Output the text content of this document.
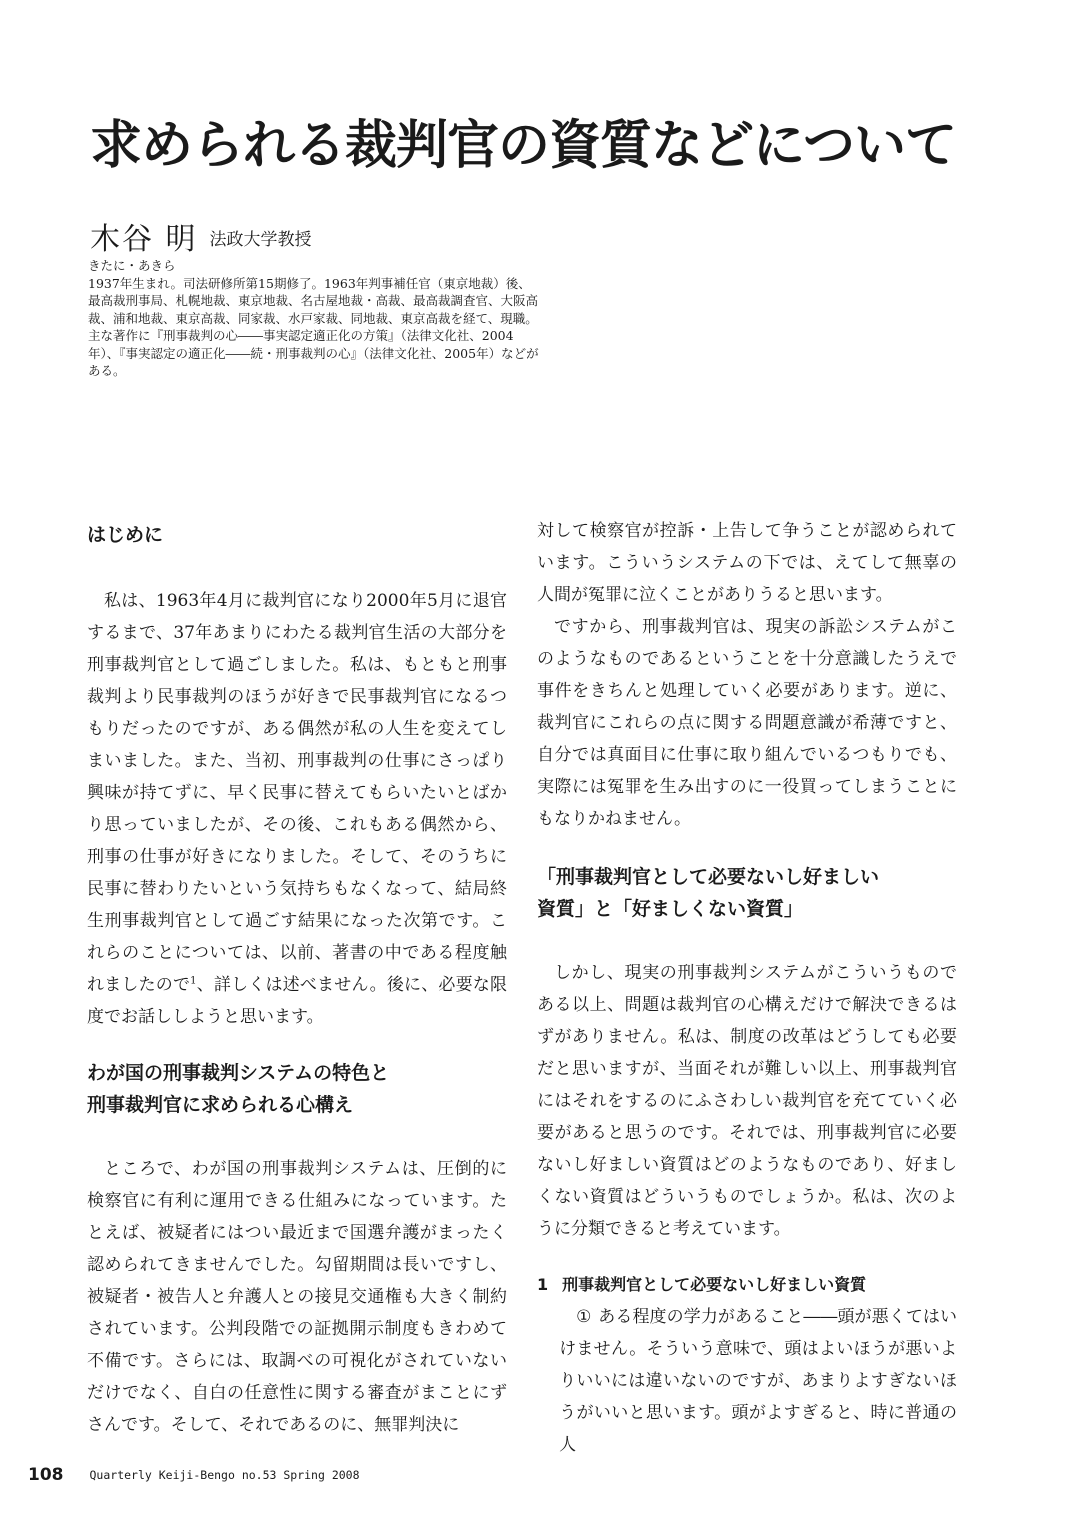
求められる裁判官の資質などについて
木谷 明 法政大学教授

きたに・あきら

1937年生まれ。司法研修所第15期修了。1963年判事補任官（東京地裁）後、最高裁刑事局、札幌地裁、東京地裁、名古屋地裁・高裁、最高裁調査官、大阪高裁、浦和地裁、東京高裁、同家裁、水戸家裁、同地裁、東京高裁を経て、現職。主な著作に『刑事裁判の心――事実認定適正化の方策』（法律文化社、2004年）、『事実認定の適正化――続・刑事裁判の心』（法律文化社、2005年）などがある。

はじめに

私は、1963年4月に裁判官になり2000年5月に退官するまで、37年あまりにわたる裁判官生活の大部分を刑事裁判官として過ごしました。私は、もともと刑事裁判より民事裁判のほうが好きで民事裁判官になるつもりだったのですが、ある偶然が私の人生を変えてしまいました。また、当初、刑事裁判の仕事にさっぱり興味が持てずに、早く民事に替えてもらいたいとばかり思っていましたが、その後、これもある偶然から、刑事の仕事が好きになりました。そして、そのうちに民事に替わりたいという気持ちもなくなって、結局終生刑事裁判官として過ごす結果になった次第です。これらのことについては、以前、著書の中である程度触れましたので$^1$、詳しくは述べません。後に、必要な限度でお話ししようと思います。

わが国の刑事裁判システムの特色と
刑事裁判官に求められる心構え

ところで、わが国の刑事裁判システムは、圧倒的に検察官に有利に運用できる仕組みになっています。たとえば、被疑者にはつい最近まで国選弁護がまったく認められてきませんでした。勾留期間は長いですし、被疑者・被告人と弁護人との接見交通権も大きく制約されています。公判段階での証拠開示制度もきわめて不備です。さらには、取調べの可視化がされていないだけでなく、自白の任意性に関する審査がまことにずさんです。そして、それであるのに、無罪判決に

対して検察官が控訴・上告して争うことが認められています。こういうシステムの下では、えてして無辜の人間が冤罪に泣くことがありうると思います。

ですから、刑事裁判官は、現実の訴訟システムがこのようなものであるということを十分意識したうえで事件をきちんと処理していく必要があります。逆に、裁判官にこれらの点に関する問題意識が希薄ですと、自分では真面目に仕事に取り組んでいるつもりでも、実際には冤罪を生み出すのに一役買ってしまうことにもなりかねません。

「刑事裁判官として必要ないし好ましい
資質」と「好ましくない資質」

しかし、現実の刑事裁判システムがこういうものである以上、問題は裁判官の心構えだけで解決できるはずがありません。私は、制度の改革はどうしても必要だと思いますが、当面それが難しい以上、刑事裁判官にはそれをするのにふさわしい裁判官を充てていく必要があると思うのです。それでは、刑事裁判官に必要ないし好ましい資質はどのようなものであり、好ましくない資質はどういうものでしょうか。私は、次のように分類できると考えています。

1 刑事裁判官として必要ないし好ましい資質

① ある程度の学力があること――頭が悪くてはいけません。そういう意味で、頭はよいほうが悪いよりいいには違いないのですが、あまりよすぎないほうがいいと思います。頭がよすぎると、時に普通の人

108 Quarterly Keiji-Bengo no.53 Spring 2008
